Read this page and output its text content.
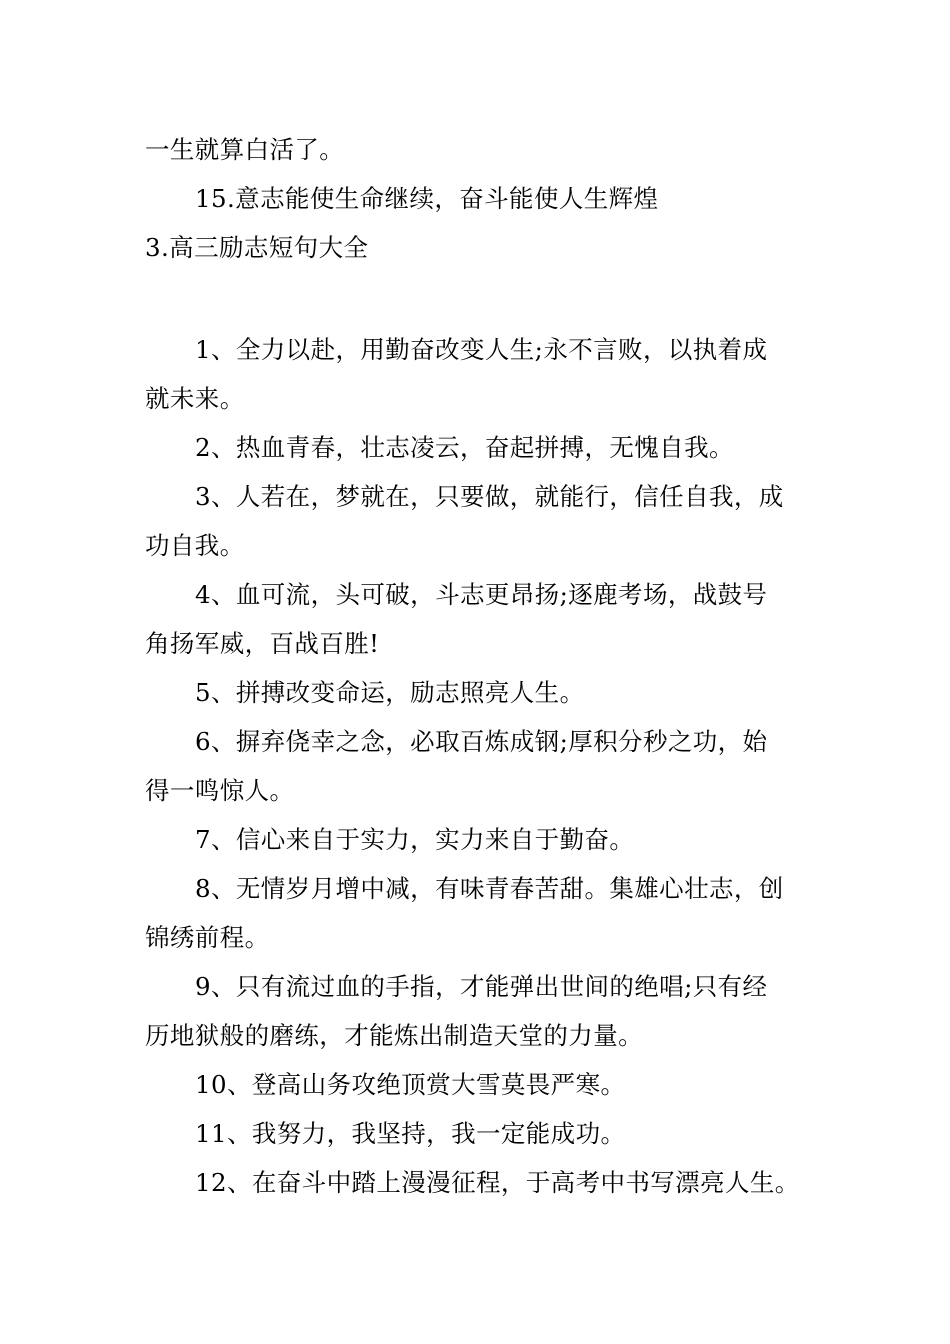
一生就算白活了。
15.意志能使生命继续，奋斗能使人生辉煌
3.高三励志短句大全
1、全力以赴，用勤奋改变人生;永不言败，以执着成
就未来。
2、热血青春，壮志凌云，奋起拼搏，无愧自我。
3、人若在，梦就在，只要做，就能行，信任自我，成
功自我。
4、血可流，头可破，斗志更昂扬;逐鹿考场，战鼓号
角扬军威，百战百胜!
5、拼搏改变命运，励志照亮人生。
6、摒弃侥幸之念，必取百炼成钢;厚积分秒之功，始
得一鸣惊人。
7、信心来自于实力，实力来自于勤奋。
8、无情岁月增中减，有味青春苦甜。集雄心壮志，创
锦绣前程。
9、只有流过血的手指，才能弹出世间的绝唱;只有经
历地狱般的磨练，才能炼出制造天堂的力量。
10、登高山务攻绝顶赏大雪莫畏严寒。
11、我努力，我坚持，我一定能成功。
12、在奋斗中踏上漫漫征程，于高考中书写漂亮人生。
